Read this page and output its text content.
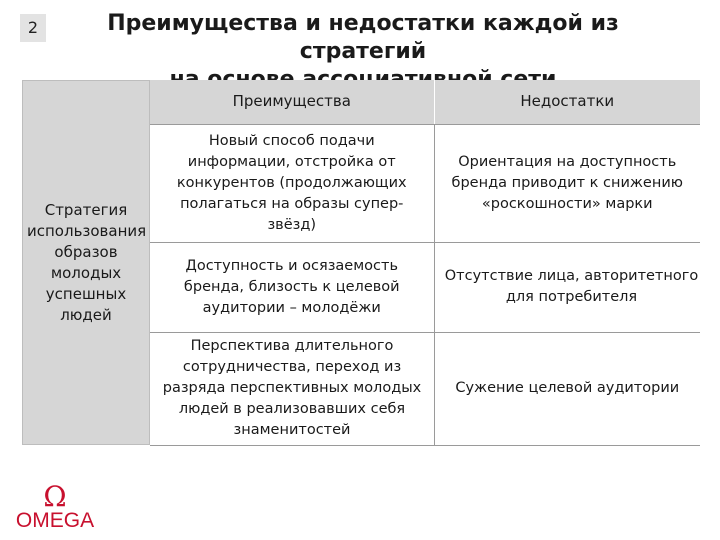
2	Преимущества и недостатки каждой из стратегий
Стратегия использования образов молодых успешных людей
Преимущества	Недостатки

Новый способ подачи информации, отстройка от конкурентов (продолжающих полагаться на образы супер-звёзд)	Ориентация на доступность бренда приводит к снижению «роскошности» марки

Доступность и осязаемость бренда, близость к целевой аудитории – молодёжи	Отсутствие лица, авторитетного для потребителя

Перспектива длительного сотрудничества, переход из разряда перспективных молодых людей в реализовавших себя знаменитостей	Сужение целевой аудитории
Ω
OMEGA
